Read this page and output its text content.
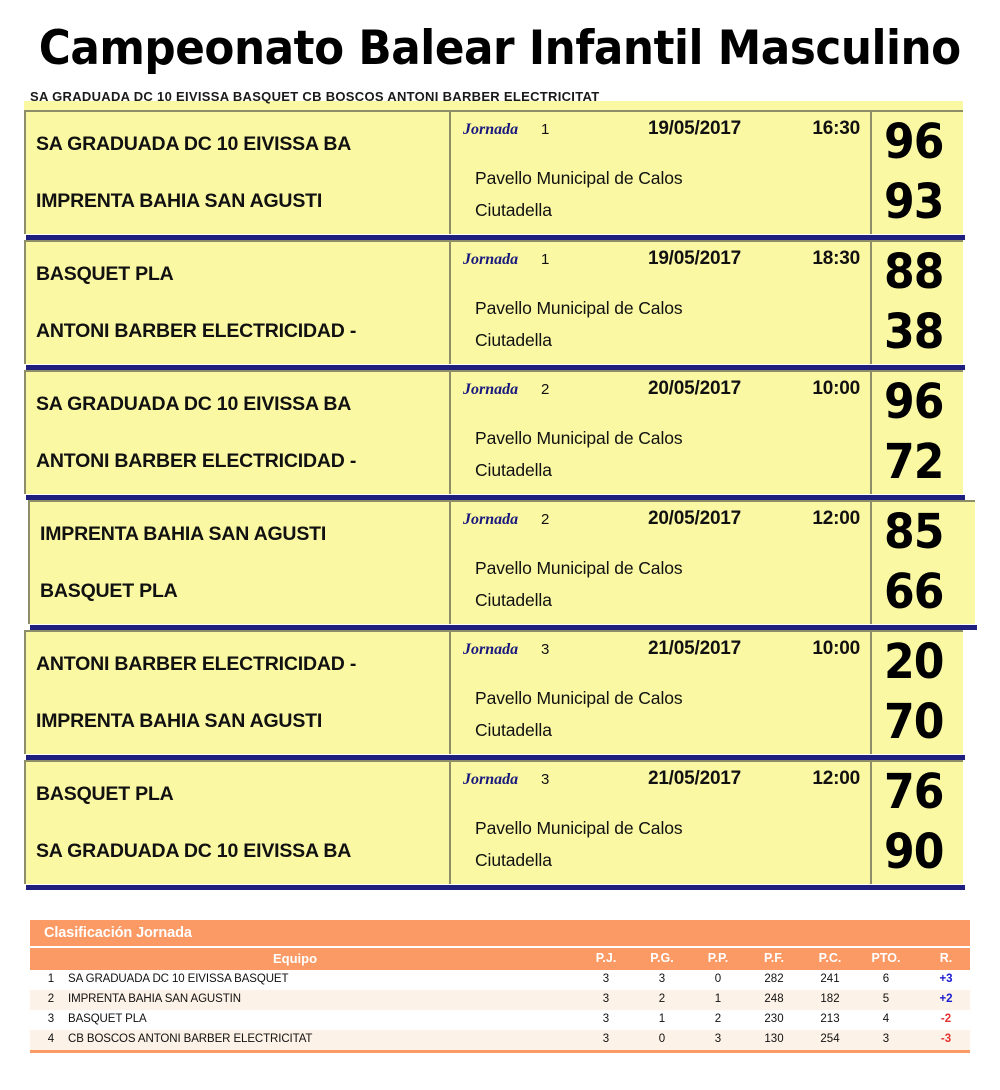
Campeonato Balear Infantil Masculino
SA GRADUADA DC 10 EIVISSA BASQUET CB BOSCOS ANTONI BARBER ELECTRICITAT
SA GRADUADA DC 10 EIVISSA BA
IMPRENTA BAHIA SAN AGUSTI
Jornada	1	19/05/2017	16:30
Pavello Municipal de Calos
Ciutadella
96
93
BASQUET PLA
ANTONI BARBER ELECTRICIDAD -
Jornada	1	19/05/2017	18:30
Pavello Municipal de Calos
Ciutadella
88
38
SA GRADUADA DC 10 EIVISSA BA
ANTONI BARBER ELECTRICIDAD -
Jornada	2	20/05/2017	10:00
Pavello Municipal de Calos
Ciutadella
96
72
IMPRENTA BAHIA SAN AGUSTI
BASQUET PLA
Jornada	2	20/05/2017	12:00
Pavello Municipal de Calos
Ciutadella
85
66
ANTONI BARBER ELECTRICIDAD -
IMPRENTA BAHIA SAN AGUSTI
Jornada	3	21/05/2017	10:00
Pavello Municipal de Calos
Ciutadella
20
70
BASQUET PLA
SA GRADUADA DC 10 EIVISSA BA
Jornada	3	21/05/2017	12:00
Pavello Municipal de Calos
Ciutadella
76
90
Clasificación Jornada
Equipo	P.J.	P.G.	P.P.	P.F.	P.C.	PTO.	R.
1	SA GRADUADA DC 10 EIVISSA BASQUET	3	3	0	282	241	6	+3
2	IMPRENTA BAHIA SAN AGUSTIN	3	2	1	248	182	5	+2
3	BASQUET PLA	3	1	2	230	213	4	-2
4	CB BOSCOS ANTONI BARBER ELECTRICITAT	3	0	3	130	254	3	-3
